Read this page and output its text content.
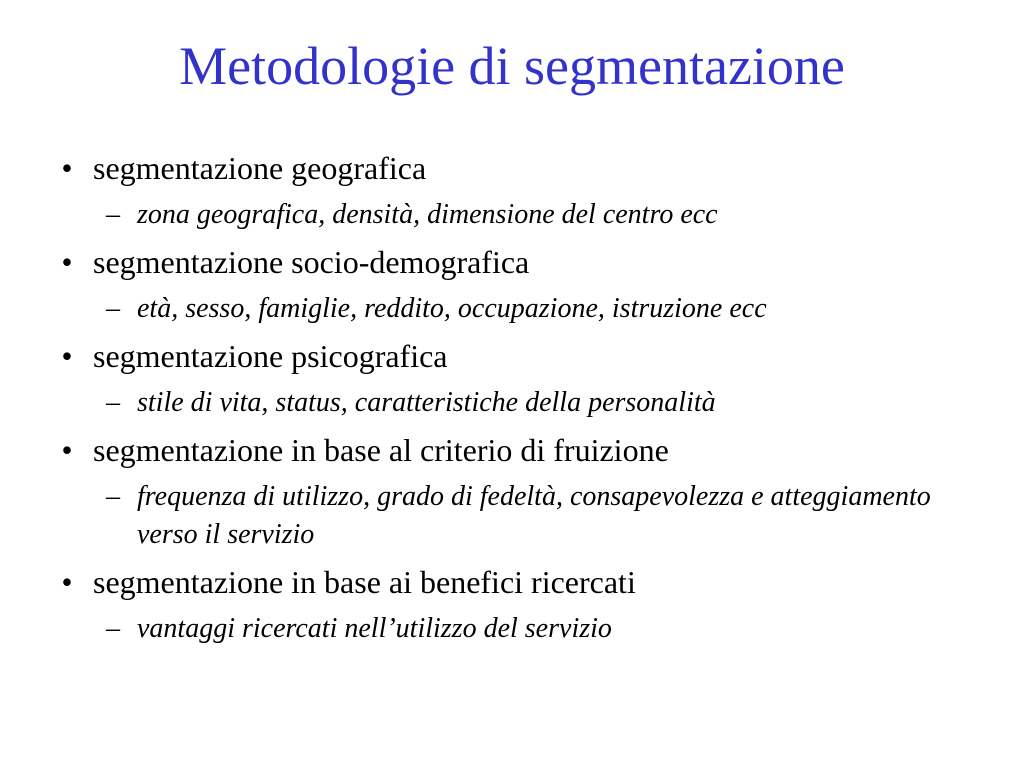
Metodologie di segmentazione
• segmentazione geografica
– zona geografica, densità, dimensione del centro ecc
• segmentazione socio-demografica
– età, sesso, famiglie, reddito, occupazione, istruzione ecc
• segmentazione psicografica
– stile di vita, status, caratteristiche della personalità
• segmentazione in base al criterio di fruizione
– frequenza di utilizzo, grado di fedeltà, consapevolezza e atteggiamento verso il servizio
• segmentazione in base ai benefici ricercati
– vantaggi ricercati nell’utilizzo del servizio
